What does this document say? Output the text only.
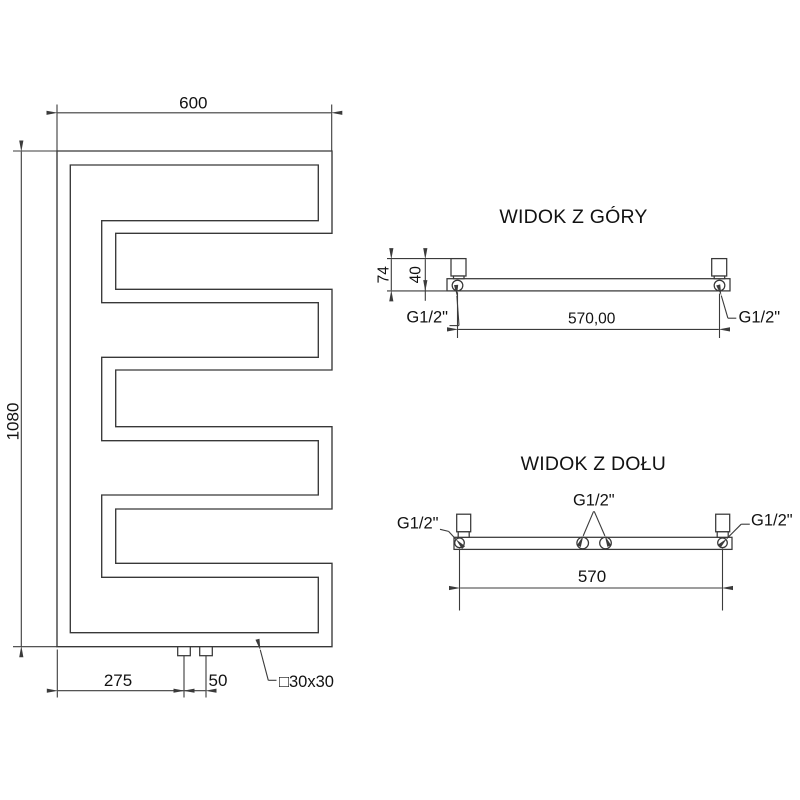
1080
600
275	50	□30x30
WIDOK Z GÓRY
74 40
570,00
G1/2"	G1/2"
WIDOK Z DOŁU
G1/2"
G1/2"	G1/2"
570
